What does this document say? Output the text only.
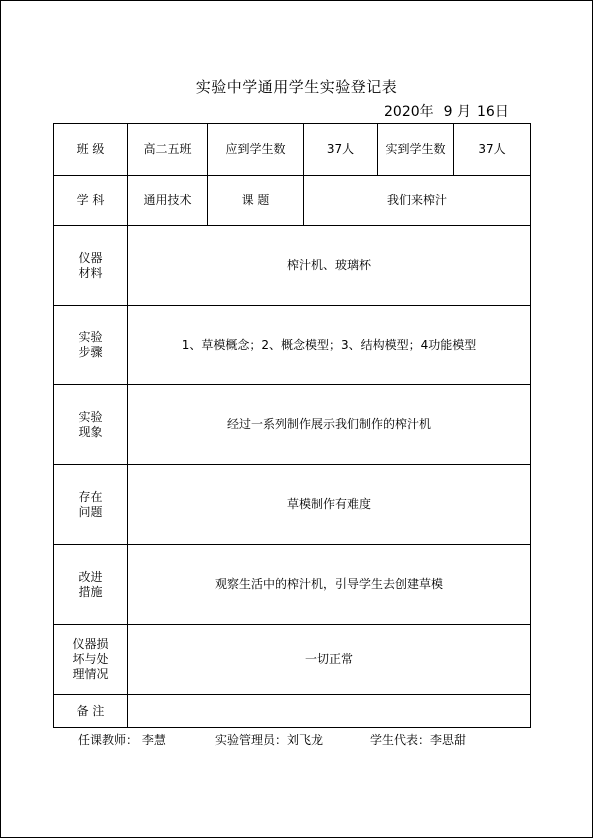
实验中学通用学生实验登记表
2020年 9 月 16日
班 级	高二五班	应到学生数	37人	实到学生数	37人
学 科	通用技术	课 题	我们来榨汁		

仪器材料	榨汁机、玻璃杯				

实验步骤	1、草模概念；2、概念模型；3、结构模型；4功能模型				

实验现象	经过一系列制作展示我们制作的榨汁机				

存在问题	草模制作有难度				

改进措施	观察生活中的榨汁机，引导学生去创建草模				

仪器损坏与处理情况	一切正常				
备 注					
任课教师： 李慧	实验管理员：刘飞龙	学生代表：李思甜
